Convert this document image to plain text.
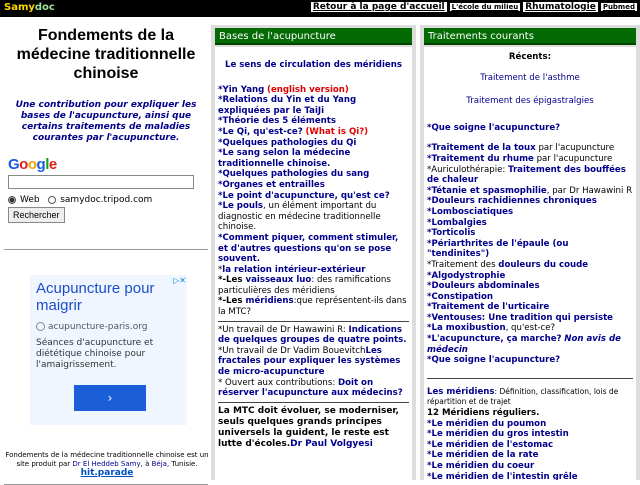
Samydoc	Retour à la page d'accueil L'école du milieu Rhumatologie Pubmed
Fondements de la médecine traditionnelle chinoise
Une contribution pour expliquer les bases de l'acupuncture, ainsi que certains traitements de maladies courantes par l'acupuncture.
Google
Web samydoc.tripod.com
Rechercher
▷✕
Acupuncture pour maigrir
acupuncture-paris.org
Séances d'acupuncture et diététique chinoise pour l'amaigrissement.
›
Fondements de la médecine traditionnelle chinoise est un site produit par Dr El Heddeb Samy, à Béja, Tunisie.
hit.parade
Bases de l'acupuncture

Le sens de circulation des méridiens

*Yin Yang (english version)

*Relations du Yin et du Yang expliquées par le TaiJi

*Théorie des 5 éléments

*Le Qi, qu'est-ce? (What is Qi?)

*Quelques pathologies du Qi

*Le sang selon la médecine traditionnelle chinoise.

*Quelques pathologies du sang

*Organes et entrailles

*Le point d'acupuncture, qu'est ce?

*Le pouls, un élément important du diagnostic en médecine traditionnelle chinoise.

*Comment piquer, comment stimuler, et d'autres questions qu'on se pose souvent.

*la relation intérieur-extérieur

*-Les vaisseaux luo: des ramifications particulières des méridiens

*-Les méridiens:que représentent-ils dans la MTC?

*Un travail de Dr Hawawini R: Indications de quelques groupes de quatre points.

*Un travail de Dr Vadim BouevitchLes fractales pour expliquer les systèmes de micro-acupuncture

* Ouvert aux contributions: Doit on réserver l'acupuncture aux médecins?

La MTC doit évoluer, se moderniser, seuls quelques grands principes universels la guident, le reste est lutte d'écoles.Dr Paul Volgyesi

Traitements courants

Récents:

Traitement de l'asthme

Traitement des épigastralgies

*Que soigne l'acupuncture?

*Traitement de la toux par l'acupuncture

*Traitement du rhume par l'acupuncture

*Auriculothérapie: Traitement des bouffées de chaleur

*Tétanie et spasmophilie, par Dr Hawawini R

*Douleurs rachidiennes chroniques

*Lombosciatiques

*Lombalgies

*Torticolis

*Périarthrites de l'épaule (ou "tendinites")

*Traitement des douleurs du coude

*Algodystrophie

*Douleurs abdominales

*Constipation

*Traitement de l'urticaire

*Ventouses: Une tradition qui persiste

*La moxibustion, qu'est-ce?

*L'acupuncture, ça marche? Non avis de médecin

*Que soigne l'acupuncture?

Les méridiens: Définition, classification, lois de répartition et de trajet

12 Méridiens réguliers.

*Le méridien du poumon

*Le méridien du gros intestin

*Le méridien de l'estomac

*Le méridien de la rate

*Le méridien du coeur

*Le méridien de l'intestin grêle
